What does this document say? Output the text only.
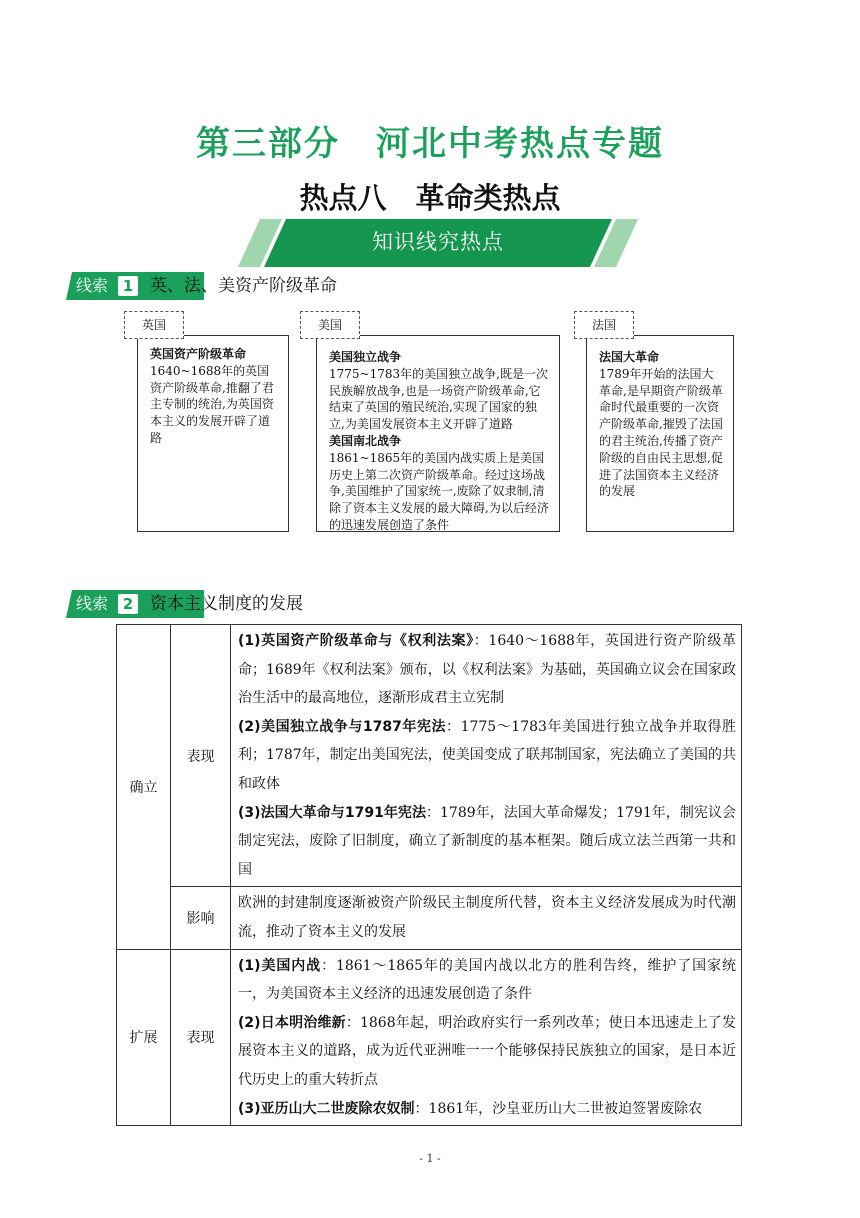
第三部分　河北中考热点专题
热点八　革命类热点
知识线究热点
线索 1 英、法、美资产阶级革命
英国资产阶级革命
1640~1688年的英国资产阶级革命,推翻了君主专制的统治,为英国资本主义的发展开辟了道路
英国
美国独立战争
1775~1783年的美国独立战争,既是一次民族解放战争,也是一场资产阶级革命,它结束了英国的殖民统治,实现了国家的独立,为美国发展资本主义开辟了道路
美国南北战争
1861~1865年的美国内战实质上是美国历史上第二次资产阶级革命。经过这场战争,美国维护了国家统一,废除了奴隶制,清除了资本主义发展的最大障碍,为以后经济的迅速发展创造了条件
美国
法国大革命
1789年开始的法国大革命,是早期资产阶级革命时代最重要的一次资产阶级革命,摧毁了法国的君主统治,传播了资产阶级的自由民主思想,促进了法国资本主义经济的发展
法国
线索 2 资本主义制度的发展
确立	表现	(1)英国资产阶级革命与《权利法案》：1640～1688年，英国进行资产阶级革命；1689年《权利法案》颁布，以《权利法案》为基础，英国确立议会在国家政治生活中的最高地位，逐渐形成君主立宪制
(2)美国独立战争与1787年宪法：1775～1783年美国进行独立战争并取得胜利；1787年，制定出美国宪法，使美国变成了联邦制国家，宪法确立了美国的共和政体
(3)法国大革命与1791年宪法：1789年，法国大革命爆发；1791年，制宪议会制定宪法，废除了旧制度，确立了新制度的基本框架。随后成立法兰西第一共和国

	影响	欧洲的封建制度逐渐被资产阶级民主制度所代替，资本主义经济发展成为时代潮流，推动了资本主义的发展
扩展	表现	(1)美国内战：1861～1865年的美国内战以北方的胜利告终，维护了国家统一，为美国资本主义经济的迅速发展创造了条件
(2)日本明治维新：1868年起，明治政府实行一系列改革；使日本迅速走上了发展资本主义的道路，成为近代亚洲唯一一个能够保持民族独立的国家，是日本近代历史上的重大转折点
(3)亚历山大二世废除农奴制：1861年，沙皇亚历山大二世被迫签署废除农
- 1 -
